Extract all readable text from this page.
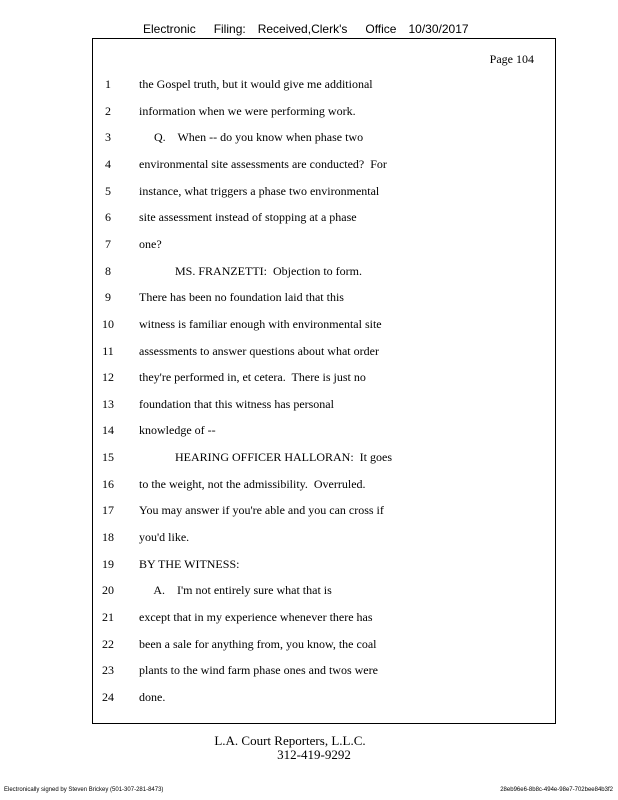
Electronic Filing: Received,Clerk's Office 10/30/2017
Page 104
1	the Gospel truth, but it would give me additional
2	information when we were performing work.
3	Q.    When -- do you know when phase two
4	environmental site assessments are conducted?  For
5	instance, what triggers a phase two environmental
6	site assessment instead of stopping at a phase
7	one?
8	MS. FRANZETTI:  Objection to form.
9	There has been no foundation laid that this
10	witness is familiar enough with environmental site
11	assessments to answer questions about what order
12	they're performed in, et cetera.  There is just no
13	foundation that this witness has personal
14	knowledge of --
15	HEARING OFFICER HALLORAN:  It goes
16	to the weight, not the admissibility.  Overruled.
17	You may answer if you're able and you can cross if
18	you'd like.
19	BY THE WITNESS:
20	A.    I'm not entirely sure what that is
21	except that in my experience whenever there has
22	been a sale for anything from, you know, the coal
23	plants to the wind farm phase ones and twos were
24	done.
L.A. Court Reporters, L.L.C.
312-419-9292
Electronically signed by Steven Brickey (501-307-281-8473)	28eb96e6-8b8c-494e-98e7-702bee84b3f2
